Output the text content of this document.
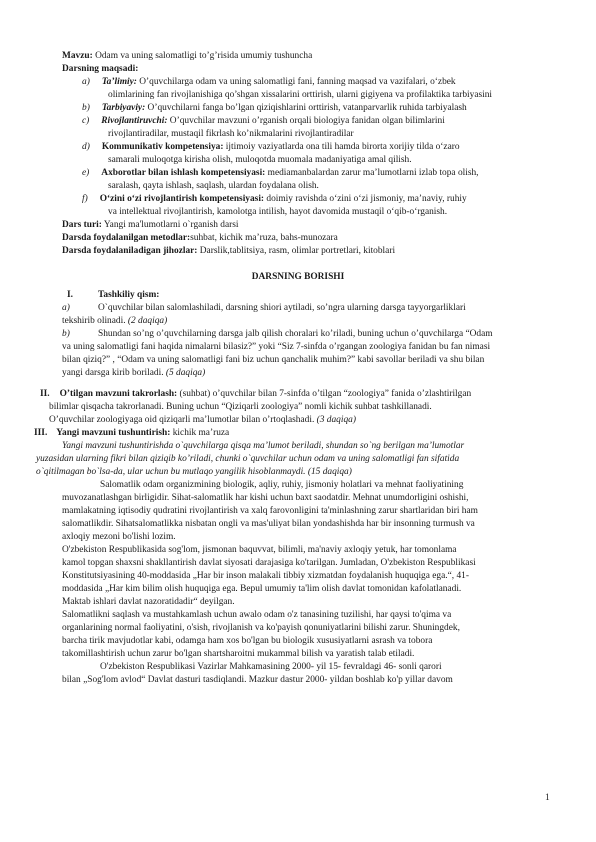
Mavzu: Odam va uning salomatligi to’g’risida umumiy tushuncha
Darsning maqsadi:
a) Ta’limiy: O’quvchilarga odam va uning salomatligi fani, fanning maqsad va vazifalari, o‘zbek
olimlarining fan rivojlanishiga qo’shgan xissalarini orttirish, ularni gigiyena va profilaktika tarbiyasini
b) Tarbiyaviy: O’quvchilarni fanga bo’lgan qiziqishlarini orttirish, vatanparvarlik ruhida tarbiyalash
c) Rivojlantiruvchi: O’quvchilar mavzuni o’rganish orqali biologiya fanidan olgan bilimlarini
rivojlantiradilar, mustaqil fikrlash ko’nikmalarini rivojlantiradilar
d) Kommunikativ kompetensiya: ijtimoiy vaziyatlarda ona tili hamda birorta xorijiy tilda o‘zaro
samarali muloqotga kirisha olish, muloqotda muomala madaniyatiga amal qilish.
e) Axborotlar bilan ishlash kompetensiyasi: mediamanbalardan zarur ma’lumotlarni izlab topa olish,
saralash, qayta ishlash, saqlash, ulardan foydalana olish.
f) O‘zini o‘zi rivojlantirish kompetensiyasi: doimiy ravishda o‘zini o‘zi jismoniy, ma’naviy, ruhiy
va intellektual rivojlantirish, kamolotga intilish, hayot davomida mustaqil o‘qib-o‘rganish.
Dars turi: Yangi ma'lumotlarni o`rganish darsi
Darsda foydalanilgan metodlar:suhbat, kichik ma’ruza, bahs-munozara
Darsda foydalaniladigan jihozlar: Darslik,tablitsiya, rasm, olimlar portretlari, kitoblari
DARSNING BORISHI
I.	Tashkiliy qism:
a)	O`quvchilar bilan salomlashiladi, darsning shiori aytiladi, so’ngra ularning darsga tayyorgarliklari
tekshirib olinadi. (2 daqiqa)
b)	Shundan so’ng o’quvchilarning darsga jalb qilish choralari ko’riladi, buning uchun o’quvchilarga “Odam
va uning salomatligi fani haqida nimalarni bilasiz?” yoki “Siz 7-sinfda o’rgangan zoologiya fanidan bu fan nimasi
bilan qiziq?” , “Odam va uning salomatligi fani biz uchun qanchalik muhim?” kabi savollar beriladi va shu bilan
yangi darsga kirib boriladi. (5 daqiqa)
II. O’tilgan mavzuni takrorlash: (suhbat) o’quvchilar bilan 7-sinfda o’tilgan “zoologiya” fanida o’zlashtirilgan
bilimlar qisqacha takrorlanadi. Buning uchun “Qiziqarli zoologiya” nomli kichik suhbat tashkillanadi.
O’quvchilar zoologiyaga oid qiziqarli ma’lumotlar bilan o’rtoqlashadi. (3 daqiqa)
III. Yangi mavzuni tushuntirish: kichik ma’ruza
Yangi mavzuni tushuntirishda o`quvchilarga qisqa ma’lumot beriladi, shundan so`ng berilgan ma’lumotlar
yuzasidan ularning fikri bilan qiziqib ko’riladi, chunki o`quvchilar uchun odam va uning salomatligi fan sifatida
o`qitilmagan bo`lsa-da, ular uchun bu mutlaqo yangilik hisoblanmaydi. (15 daqiqa)
Salomatlik odam organizmining biologik, aqliy, ruhiy, jismoniy holatlari va mehnat faoliyatining
muvozanatlashgan birligidir. Sihat-salomatlik har kishi uchun baxt saodatdir. Mehnat unumdorligini oshishi,
mamlakatning iqtisodiy qudratini rivojlantirish va xalq farovonligini ta'minlashning zarur shartlaridan biri ham
salomatlikdir. Sihatsalomatlikka nisbatan ongli va mas'uliyat bilan yondashishda har bir insonning turmush va
axloqiy mezoni bo'lishi lozim.
O'zbekiston Respublikasida sog'lom, jismonan baquvvat, bilimli, ma'naviy axloqiy yetuk, har tomonlama
kamol topgan shaxsni shakllantirish davlat siyosati darajasiga ko'tarilgan. Jumladan, O'zbekiston Respublikasi
Konstitutsiyasining 40-moddasida „Har bir inson malakali tibbiy xizmatdan foydalanish huquqiga ega.“, 41-
moddasida „Har kim bilim olish huquqiga ega. Bepul umumiy ta'lim olish davlat tomonidan kafolatlanadi.
Maktab ishlari davlat nazoratidadir“ deyilgan.
Salomatlikni saqlash va mustahkamlash uchun awalo odam o'z tanasining tuzilishi, har qaysi to'qima va
organlarining normal faoliyatini, o'sish, rivojlanish va ko'payish qonuniyatlarini bilishi zarur. Shuningdek,
barcha tirik mavjudotlar kabi, odamga ham xos bo'lgan bu biologik xususiyatlarni asrash va tobora
takomillashtirish uchun zarur bo'lgan shartsharoitni mukammal bilish va yaratish talab etiladi.
O'zbekiston Respublikasi Vazirlar Mahkamasining 2000- yil 15- fevraldagi 46- sonli qarori
bilan „Sog'lom avlod“ Davlat dasturi tasdiqlandi. Mazkur dastur 2000- yildan boshlab ko'p yillar davom
1
